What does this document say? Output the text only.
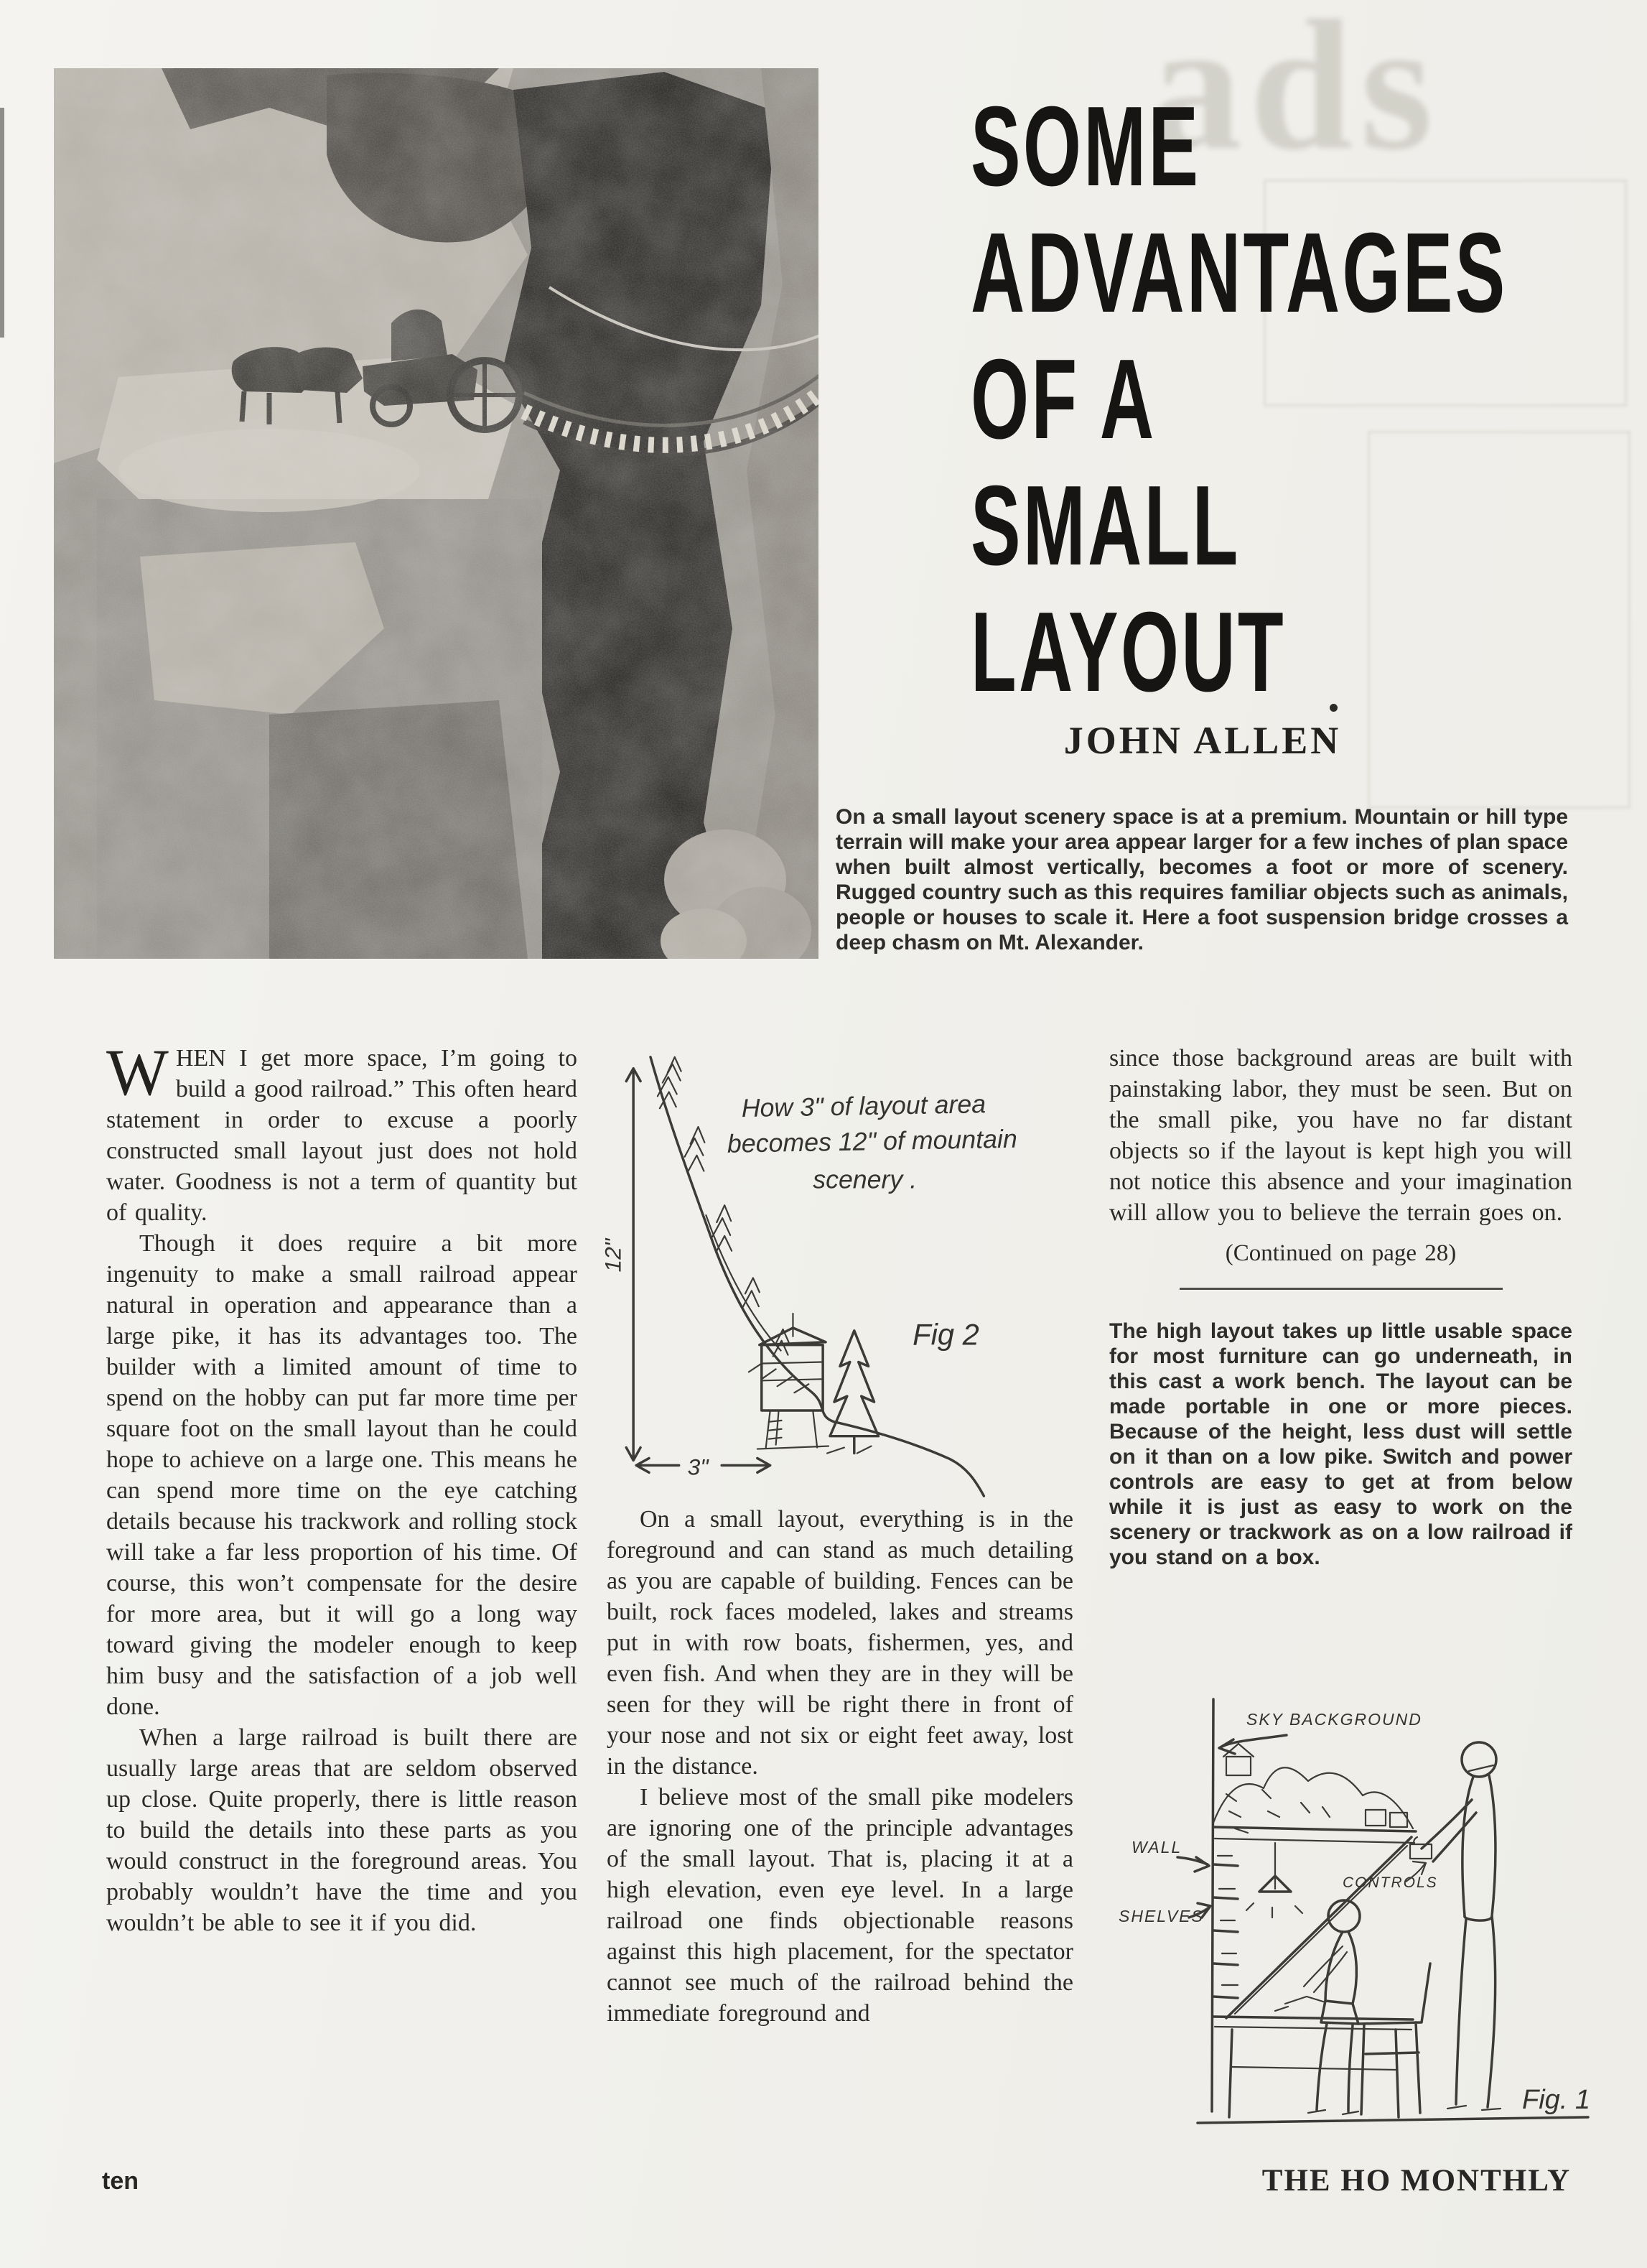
ads
SOME
ADVANTAGES
OF A
SMALL
LAYOUT
JOHN ALLEN
On a small layout scenery space is at a premium. Mountain or hill type terrain will make your area appear larger for a few inches of plan space when built almost vertically, becomes a foot or more of scenery. Rugged country such as this requires familiar objects such as animals, people or houses to scale it. Here a foot suspension bridge crosses a deep chasm on Mt. Alexander.

WHEN I get more space, I’m going to build a good railroad.” This often heard statement in order to excuse a poorly constructed small layout just does not hold water. Goodness is not a term of quantity but of quality.

Though it does require a bit more ingenuity to make a small railroad appear natural in operation and appearance than a large pike, it has its advantages too. The builder with a limited amount of time to spend on the hobby can put far more time per square foot on the small layout than he could hope to achieve on a large one. This means he can spend more time on the eye catching details because his trackwork and rolling stock will take a far less proportion of his time. Of course, this won’t compensate for the desire for more area, but it will go a long way toward giving the modeler enough to keep him busy and the satisfaction of a job well done.

When a large railroad is built there are usually large areas that are seldom observed up close. Quite properly, there is little reason to build the details into these parts as you would construct in the foreground areas. You probably wouldn’t have the time and you wouldn’t be able to see it if you did.

12"
3"
How 3" of layout area
becomes 12" of mountain
scenery .
Fig 2

On a small layout, everything is in the foreground and can stand as much detailing as you are capable of building. Fences can be built, rock faces modeled, lakes and streams put in with row boats, fishermen, yes, and even fish. And when they are in they will be seen for they will be right there in front of your nose and not six or eight feet away, lost in the distance.

I believe most of the small pike modelers are ignoring one of the principle advantages of the small layout. That is, placing it at a high elevation, even eye level. In a large railroad one finds objectionable reasons against this high placement, for the spectator cannot see much of the railroad behind the immediate foreground and

since those background areas are built with painstaking labor, they must be seen. But on the small pike, you have no far distant objects so if the layout is kept high you will not notice this absence and your imagination will allow you to believe the terrain goes on.

(Continued on page 28)

The high layout takes up little usable space for most furniture can go underneath, in this cast a work bench. The layout can be made portable in one or more pieces. Because of the height, less dust will settle on it than on a low pike. Switch and power controls are easy to get at from below while it is just as easy to work on the scenery or trackwork as on a low railroad if you stand on a box.

SKY BACKGROUND
WALL
SHELVES
CONTROLS
Fig. 1
ten	THE HO MONTHLY
